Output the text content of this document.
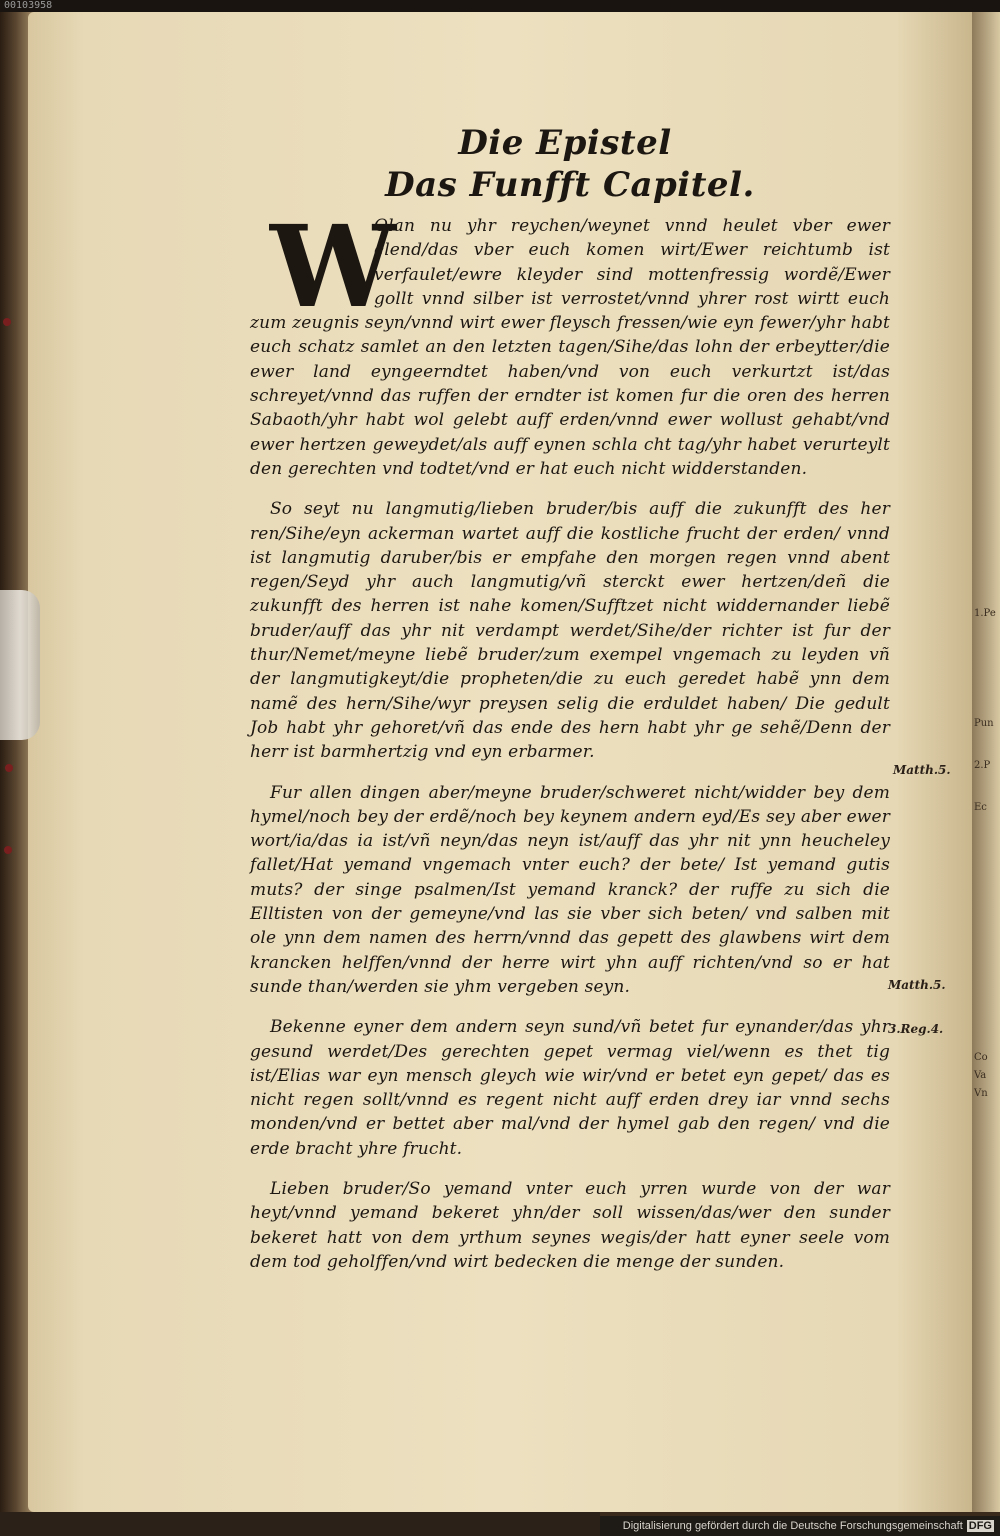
00103958
1.Pe
Pun
2.P
Ec
Co
Va
Vn
Die Epistel
Das Funfft Capitel.
W

Olan nu yhr reychen/weynet vnnd heulet vber ewer elend/das vber euch komen wirt/Ewer reichtumb ist verfaulet/ewre kleyder sind mottenfressig wordẽ/Ewer gollt vnnd silber ist verrostet/vnnd yhrer rost wirtt euch zum zeugnis seyn/vnnd wirt ewer fleysch fressen/wie eyn fewer/yhr habt euch schatz samlet an den letzten tagen/Sihe/das lohn der erbeytter/die ewer land eyngeerndtet haben/vnd von euch verkurtzt ist/das schreyet/vnnd das ruffen der erndter ist komen fur die oren des herren Sabaoth/yhr habt wol gelebt auff erden/vnnd ewer wollust gehabt/vnd ewer hertzen geweydet/als auff eynen schla cht tag/yhr habet verurteylt den gerechten vnd todtet/vnd er hat euch nicht widderstanden.

So seyt nu langmutig/lieben bruder/bis auff die zukunfft des her ren/Sihe/eyn ackerman wartet auff die kostliche frucht der erden/ vnnd ist langmutig daruber/bis er empfahe den morgen regen vnnd abent regen/Seyd yhr auch langmutig/vñ sterckt ewer hertzen/deñ die zukunfft des herren ist nahe komen/Sufftzet nicht widdernander liebẽ bruder/auff das yhr nit verdampt werdet/Sihe/der richter ist fur der thur/Nemet/meyne liebẽ bruder/zum exempel vngemach zu leyden vñ der langmutigkeyt/die propheten/die zu euch geredet habẽ ynn dem namẽ des hern/Sihe/wyr preysen selig die erduldet haben/ Die gedult Job habt yhr gehoret/vñ das ende des hern habt yhr ge sehẽ/Denn der herr ist barmhertzig vnd eyn erbarmer.

Fur allen dingen aber/meyne bruder/schweret nicht/widder bey dem hymel/noch bey der erdẽ/noch bey keynem andern eyd/Es sey aber ewer wort/ia/das ia ist/vñ neyn/das neyn ist/auff das yhr nit ynn heucheley fallet/Hat yemand vngemach vnter euch? der bete/ Ist yemand gutis muts? der singe psalmen/Ist yemand kranck? der ruffe zu sich die Elltisten von der gemeyne/vnd las sie vber sich beten/ vnd salben mit ole ynn dem namen des herrn/vnnd das gepett des glawbens wirt dem krancken helffen/vnnd der herre wirt yhn auff richten/vnd so er hat sunde than/werden sie yhm vergeben seyn.

Bekenne eyner dem andern seyn sund/vñ betet fur eynander/das yhr gesund werdet/Des gerechten gepet vermag viel/wenn es thet tig ist/Elias war eyn mensch gleych wie wir/vnd er betet eyn gepet/ das es nicht regen sollt/vnnd es regent nicht auff erden drey iar vnnd sechs monden/vnd er bettet aber mal/vnd der hymel gab den regen/ vnd die erde bracht yhre frucht.

Lieben bruder/So yemand vnter euch yrren wurde von der war heyt/vnnd yemand bekeret yhn/der soll wissen/das/wer den sunder bekeret hatt von dem yrthum seynes wegis/der hatt eyner seele vom dem tod geholffen/vnd wirt bedecken die menge der sunden.

Matth.5.
Matth.5.
3.Reg.4.
Digitalisierung gefördert durch die Deutsche Forschungsgemeinschaft DFG
